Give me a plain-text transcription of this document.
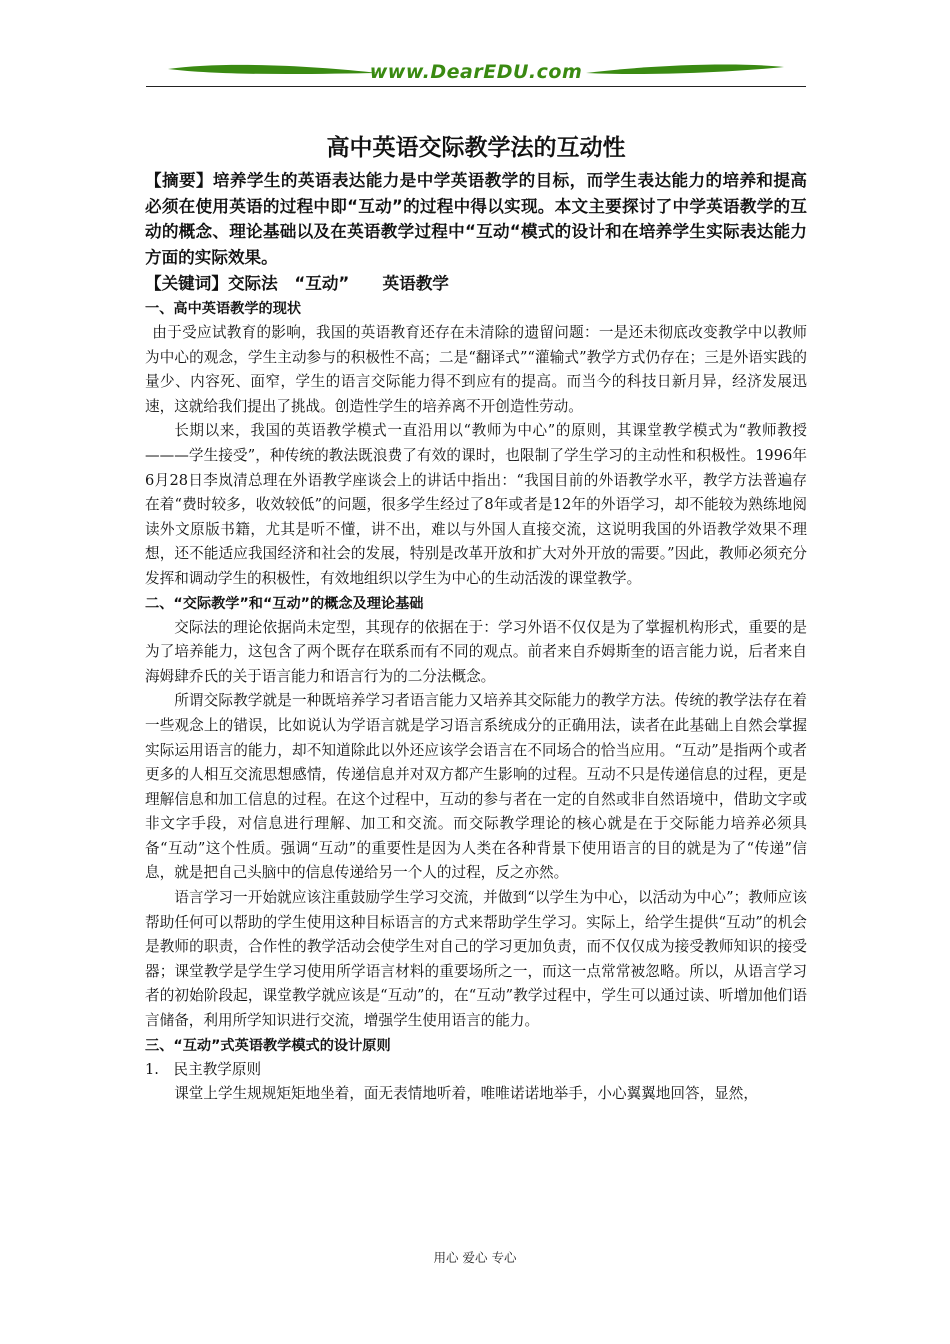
www.DearEDU.com
高中英语交际教学法的互动性

【摘要】培养学生的英语表达能力是中学英语教学的目标，而学生表达能力的培养和提高必须在使用英语的过程中即“互动”的过程中得以实现。本文主要探讨了中学英语教学的互动的概念、理论基础以及在英语教学过程中“互动“模式的设计和在培养学生实际表达能力方面的实际效果。

【关键词】交际法　“互动”　　英语教学

一、高中英语教学的现状

由于受应试教育的影响，我国的英语教育还存在未清除的遗留问题：一是还未彻底改变教学中以教师为中心的观念，学生主动参与的积极性不高；二是“翻译式”“灌输式”教学方式仍存在；三是外语实践的量少、内容死、面窄，学生的语言交际能力得不到应有的提高。而当今的科技日新月异，经济发展迅速，这就给我们提出了挑战。创造性学生的培养离不开创造性劳动。

长期以来，我国的英语教学模式一直沿用以“教师为中心”的原则，其课堂教学模式为“教师教授———学生接受”，种传统的教法既浪费了有效的课时，也限制了学生学习的主动性和积极性。1996年6月28日李岚清总理在外语教学座谈会上的讲话中指出：“我国目前的外语教学水平，教学方法普遍存在着“费时较多，收效较低”的问题，很多学生经过了8年或者是12年的外语学习，却不能较为熟练地阅读外文原版书籍，尤其是听不懂，讲不出，难以与外国人直接交流，这说明我国的外语教学效果不理想，还不能适应我国经济和社会的发展，特别是改革开放和扩大对外开放的需要。”因此，教师必须充分发挥和调动学生的积极性，有效地组织以学生为中心的生动活泼的课堂教学。

二、“交际教学”和“互动”的概念及理论基础

交际法的理论依据尚未定型，其现存的依据在于：学习外语不仅仅是为了掌握机构形式，重要的是为了培养能力，这包含了两个既存在联系而有不同的观点。前者来自乔姆斯奎的语言能力说，后者来自海姆肆乔氏的关于语言能力和语言行为的二分法概念。

所谓交际教学就是一种既培养学习者语言能力又培养其交际能力的教学方法。传统的教学法存在着一些观念上的错误，比如说认为学语言就是学习语言系统成分的正确用法，读者在此基础上自然会掌握实际运用语言的能力，却不知道除此以外还应该学会语言在不同场合的恰当应用。“互动”是指两个或者更多的人相互交流思想感情，传递信息并对双方都产生影响的过程。互动不只是传递信息的过程，更是理解信息和加工信息的过程。在这个过程中，互动的参与者在一定的自然或非自然语境中，借助文字或非文字手段，对信息进行理解、加工和交流。而交际教学理论的核心就是在于交际能力培养必须具备“互动”这个性质。强调“互动”的重要性是因为人类在各种背景下使用语言的目的就是为了“传递”信息，就是把自己头脑中的信息传递给另一个人的过程，反之亦然。

语言学习一开始就应该注重鼓励学生学习交流，并做到“以学生为中心，以活动为中心”；教师应该帮助任何可以帮助的学生使用这种目标语言的方式来帮助学生学习。实际上，给学生提供“互动”的机会是教师的职责，合作性的教学活动会使学生对自己的学习更加负责，而不仅仅成为接受教师知识的接受器；课堂教学是学生学习使用所学语言材料的重要场所之一，而这一点常常被忽略。所以，从语言学习者的初始阶段起，课堂教学就应该是“互动”的，在“互动”教学过程中，学生可以通过读、听增加他们语言储备，利用所学知识进行交流，增强学生使用语言的能力。

三、“互动”式英语教学模式的设计原则

1.　民主教学原则

课堂上学生规规矩矩地坐着，面无表情地听着，唯唯诺诺地举手，小心翼翼地回答，显然，

用心 爱心 专心
